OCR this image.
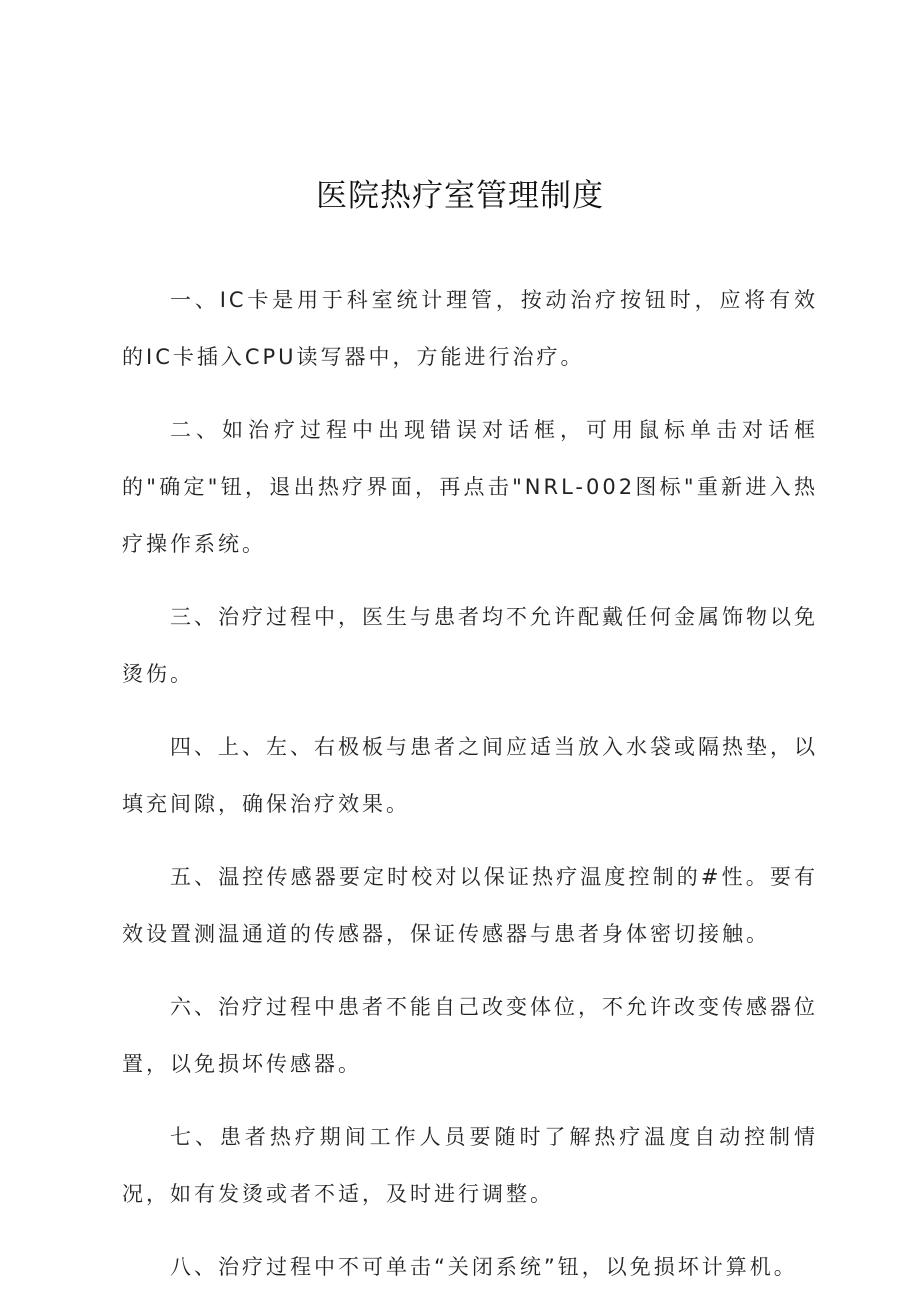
医院热疗室管理制度

一、IC卡是用于科室统计理管，按动治疗按钮时，应将有效的IC卡插入CPU读写器中，方能进行治疗。

二、如治疗过程中出现错误对话框，可用鼠标单击对话框的"确定"钮，退出热疗界面，再点击"NRL-002图标"重新进入热疗操作系统。

三、治疗过程中，医生与患者均不允许配戴任何金属饰物以免烫伤。

四、上、左、右极板与患者之间应适当放入水袋或隔热垫，以填充间隙，确保治疗效果。

五、温控传感器要定时校对以保证热疗温度控制的#性。要有效设置测温通道的传感器，保证传感器与患者身体密切接触。

六、治疗过程中患者不能自己改变体位，不允许改变传感器位置，以免损坏传感器。

七、患者热疗期间工作人员要随时了解热疗温度自动控制情况，如有发烫或者不适，及时进行调整。

八、治疗过程中不可单击“关闭系统”钮，以免损坏计算机。
